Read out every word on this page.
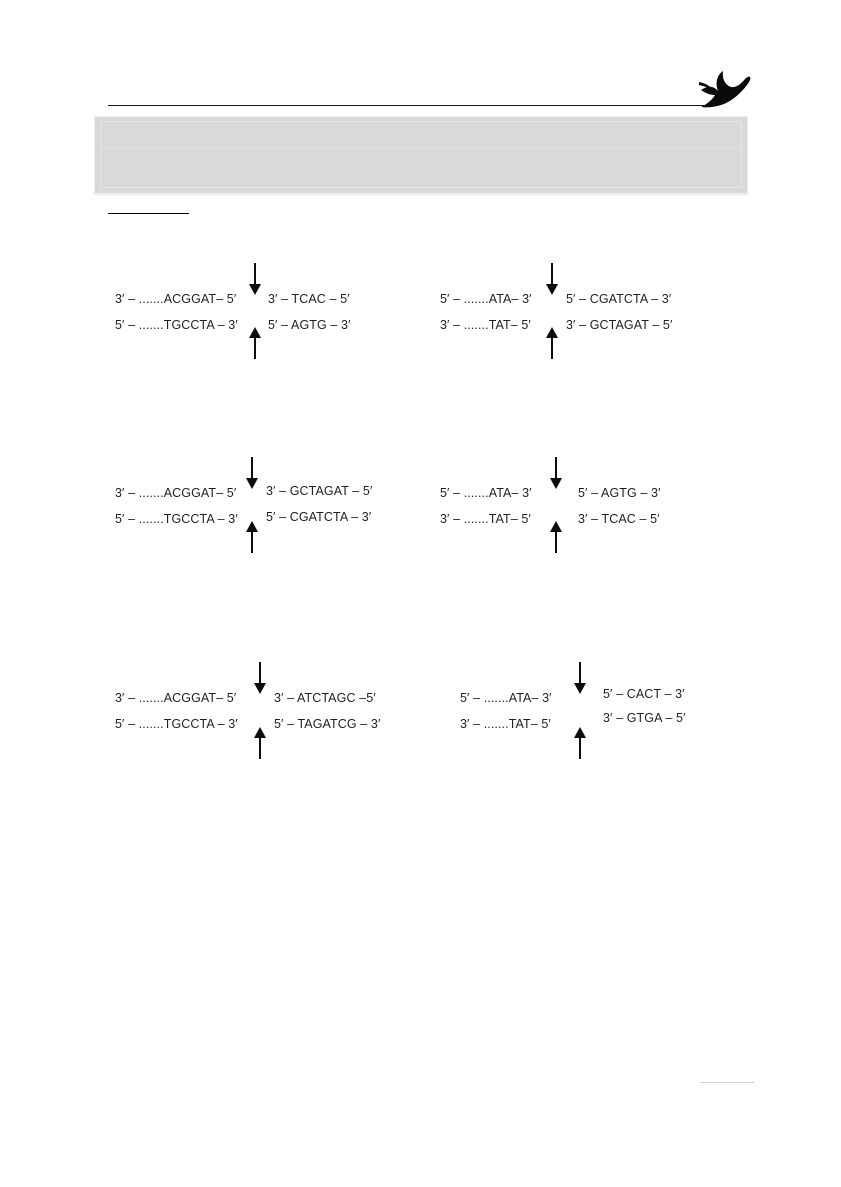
3′ – .......ACGGAT– 5′
5′ – .......TGCCTA – 3′
3′ – TCAC – 5′
5′ – AGTG – 3′
5′ – .......ATA– 3′
3′ – .......TAT– 5′
5′ – CGATCTA – 3′
3′ – GCTAGAT – 5′
3′ – .......ACGGAT– 5′
5′ – .......TGCCTA – 3′
3′ – GCTAGAT – 5′
5′ – CGATCTA – 3′
5′ – .......ATA– 3′
3′ – .......TAT– 5′
5′ – AGTG – 3′
3′ – TCAC – 5′
3′ – .......ACGGAT– 5′
5′ – .......TGCCTA – 3′
3′ – ATCTAGC –5′
5′ – TAGATCG – 3′
5′ – .......ATA– 3′
3′ – .......TAT– 5′
5′ – CACT – 3′
3′ – GTGA – 5′
